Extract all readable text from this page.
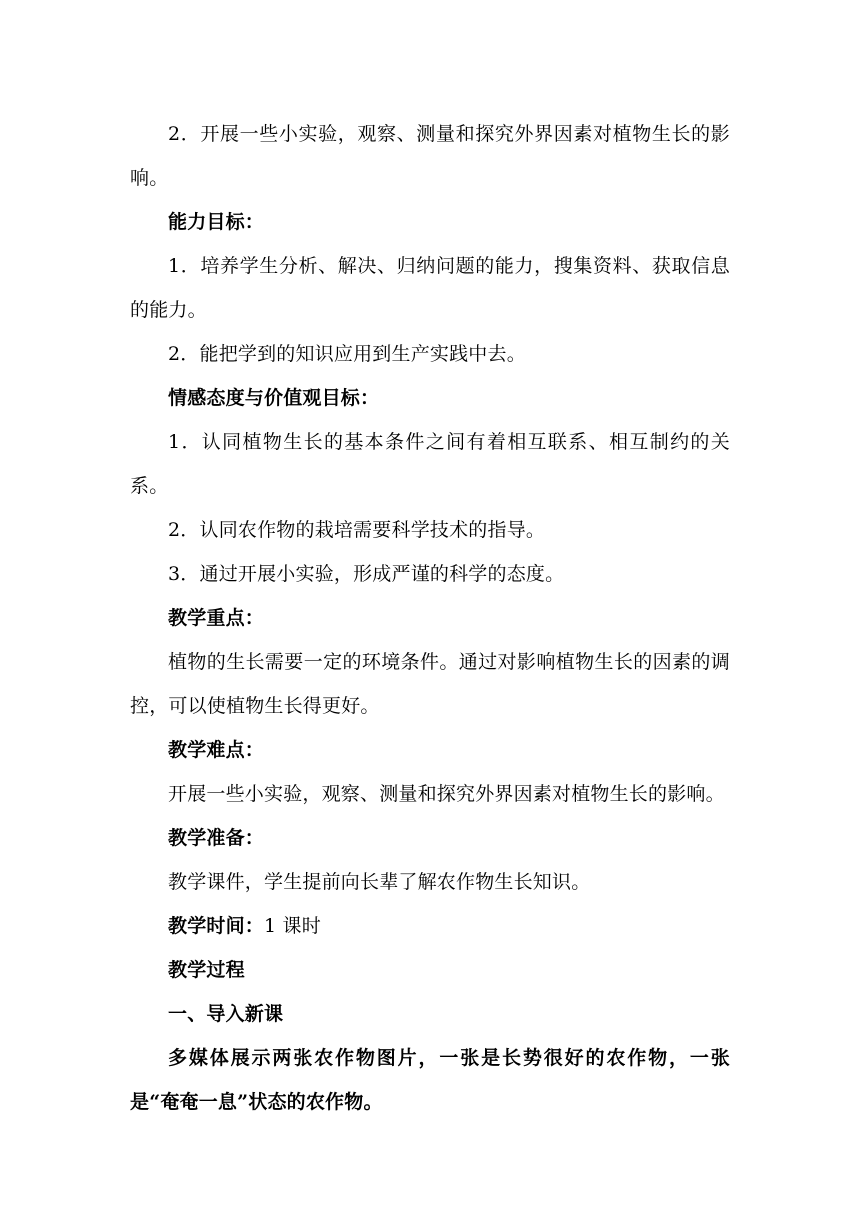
2．开展一些小实验，观察、测量和探究外界因素对植物生长的影响。

能力目标：

1．培养学生分析、解决、归纳问题的能力，搜集资料、获取信息的能力。

2．能把学到的知识应用到生产实践中去。

情感态度与价值观目标：

1．认同植物生长的基本条件之间有着相互联系、相互制约的关系。

2．认同农作物的栽培需要科学技术的指导。

3．通过开展小实验，形成严谨的科学的态度。

教学重点：

植物的生长需要一定的环境条件。通过对影响植物生长的因素的调控，可以使植物生长得更好。

教学难点：

开展一些小实验，观察、测量和探究外界因素对植物生长的影响。

教学准备：

教学课件，学生提前向长辈了解农作物生长知识。

教学时间：1 课时

教学过程

一、导入新课

多媒体展示两张农作物图片，一张是长势很好的农作物，一张是“奄奄一息”状态的农作物。
